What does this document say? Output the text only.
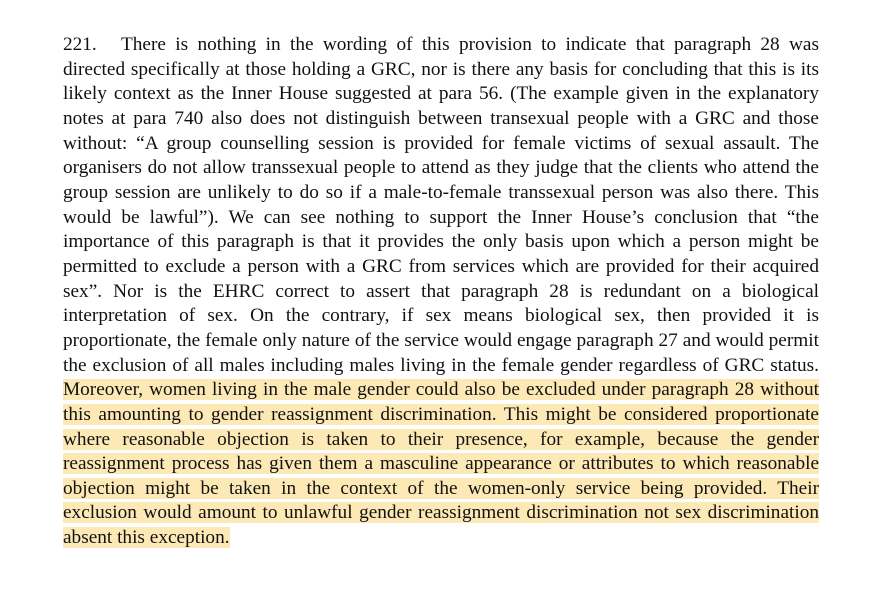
221. There is nothing in the wording of this provision to indicate that paragraph 28 was directed specifically at those holding a GRC, nor is there any basis for concluding that this is its likely context as the Inner House suggested at para 56. (The example given in the explanatory notes at para 740 also does not distinguish between transexual people with a GRC and those without: “A group counselling session is provided for female victims of sexual assault. The organisers do not allow transsexual people to attend as they judge that the clients who attend the group session are unlikely to do so if a male-to-female transsexual person was also there. This would be lawful”). We can see nothing to support the Inner House’s conclusion that “the importance of this paragraph is that it provides the only basis upon which a person might be permitted to exclude a person with a GRC from services which are provided for their acquired sex”. Nor is the EHRC correct to assert that paragraph 28 is redundant on a biological interpretation of sex. On the contrary, if sex means biological sex, then provided it is proportionate, the female only nature of the service would engage paragraph 27 and would permit the exclusion of all males including males living in the female gender regardless of GRC status. Moreover, women living in the male gender could also be excluded under paragraph 28 without this amounting to gender reassignment discrimination. This might be considered proportionate where reasonable objection is taken to their presence, for example, because the gender reassignment process has given them a masculine appearance or attributes to which reasonable objection might be taken in the context of the women-only service being provided. Their exclusion would amount to unlawful gender reassignment discrimination not sex discrimination absent this exception.
